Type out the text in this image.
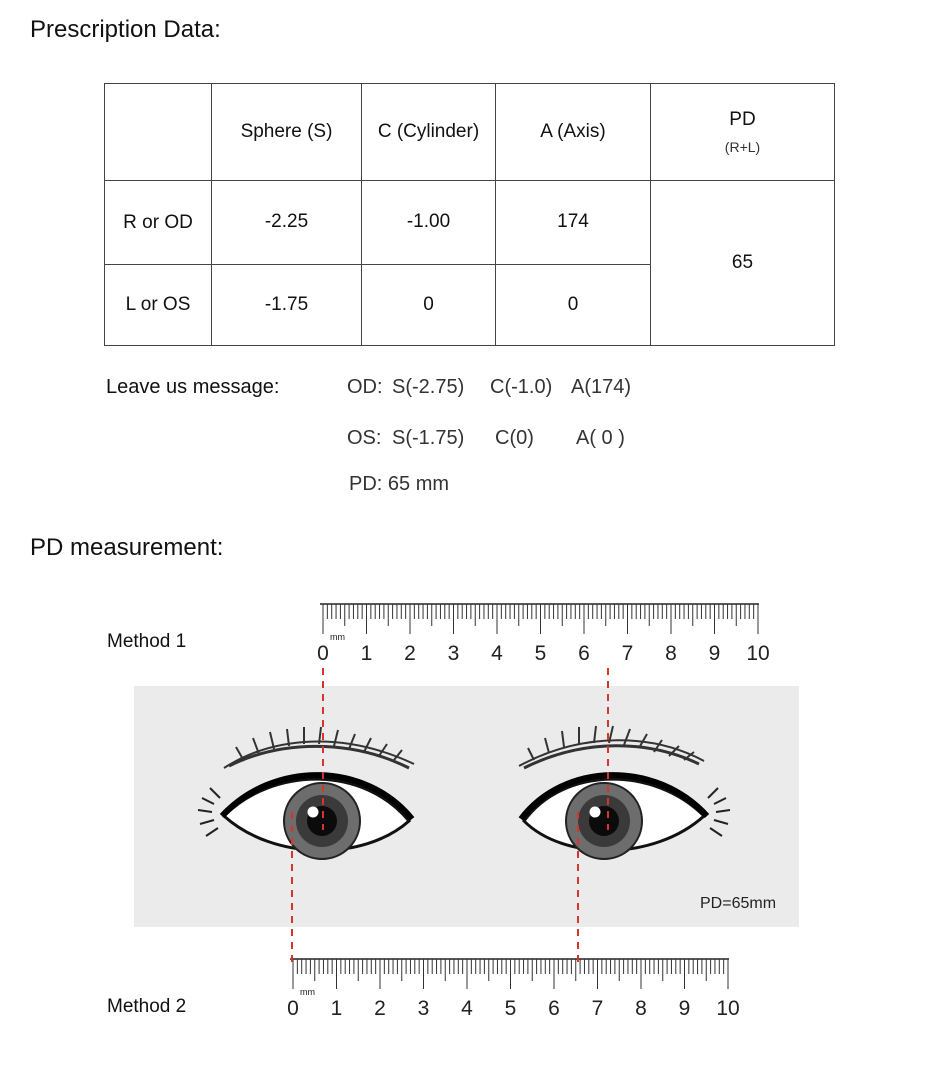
Prescription Data:
	Sphere (S)	C (Cylinder)	A (Axis)	PD
(R+L)

R or OD	-2.25	-1.00	174	65
L or OS	-1.75	0	0	
Leave us message:	OD: S(-2.75) C(-1.0) A(174)
OS: S(-1.75) C(0) A( 0 )
PD: 65 mm
PD measurement:
Method 1
Method 2
mm
0 1 2 3 4 5 6 7 8 9 10
PD=65mm
mm
0 1 2 3 4 5 6 7 8 9 10
